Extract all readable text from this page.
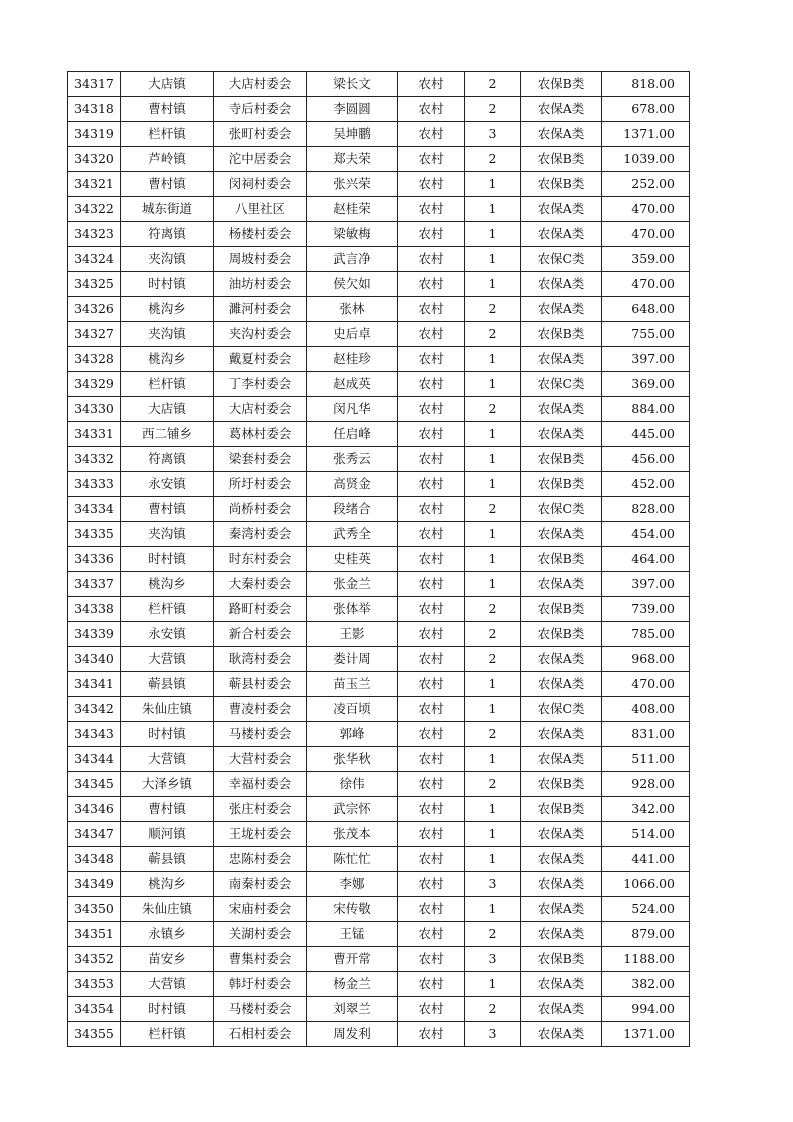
34317	大店镇	大店村委会	梁长文	农村	2	农保B类	818.00
34318	曹村镇	寺后村委会	李圆圆	农村	2	农保A类	678.00
34319	栏杆镇	张町村委会	吴坤鹏	农村	3	农保A类	1371.00
34320	芦岭镇	沱中居委会	郑夫荣	农村	2	农保B类	1039.00
34321	曹村镇	闵祠村委会	张兴荣	农村	1	农保B类	252.00
34322	城东街道	八里社区	赵桂荣	农村	1	农保A类	470.00
34323	符离镇	杨楼村委会	梁敏梅	农村	1	农保A类	470.00
34324	夹沟镇	周坡村委会	武言净	农村	1	农保C类	359.00
34325	时村镇	油坊村委会	侯欠如	农村	1	农保A类	470.00
34326	桃沟乡	濉河村委会	张林	农村	2	农保A类	648.00
34327	夹沟镇	夹沟村委会	史后卓	农村	2	农保B类	755.00
34328	桃沟乡	戴夏村委会	赵桂珍	农村	1	农保A类	397.00
34329	栏杆镇	丁李村委会	赵成英	农村	1	农保C类	369.00
34330	大店镇	大店村委会	闵凡华	农村	2	农保A类	884.00
34331	西二铺乡	葛林村委会	任启峰	农村	1	农保A类	445.00
34332	符离镇	梁套村委会	张秀云	农村	1	农保B类	456.00
34333	永安镇	所圩村委会	高贤金	农村	1	农保B类	452.00
34334	曹村镇	尚桥村委会	段绪合	农村	2	农保C类	828.00
34335	夹沟镇	秦湾村委会	武秀全	农村	1	农保A类	454.00
34336	时村镇	时东村委会	史桂英	农村	1	农保B类	464.00
34337	桃沟乡	大秦村委会	张金兰	农村	1	农保A类	397.00
34338	栏杆镇	路町村委会	张体举	农村	2	农保B类	739.00
34339	永安镇	新合村委会	王影	农村	2	农保B类	785.00
34340	大营镇	耿湾村委会	娄计周	农村	2	农保A类	968.00
34341	蕲县镇	蕲县村委会	苗玉兰	农村	1	农保A类	470.00
34342	朱仙庄镇	曹凌村委会	凌百顷	农村	1	农保C类	408.00
34343	时村镇	马楼村委会	郭峰	农村	2	农保A类	831.00
34344	大营镇	大营村委会	张华秋	农村	1	农保A类	511.00
34345	大泽乡镇	幸福村委会	徐伟	农村	2	农保B类	928.00
34346	曹村镇	张庄村委会	武宗怀	农村	1	农保B类	342.00
34347	顺河镇	王垅村委会	张茂本	农村	1	农保A类	514.00
34348	蕲县镇	忠陈村委会	陈忙忙	农村	1	农保A类	441.00
34349	桃沟乡	南秦村委会	李娜	农村	3	农保A类	1066.00
34350	朱仙庄镇	宋庙村委会	宋传敬	农村	1	农保A类	524.00
34351	永镇乡	关湖村委会	王锰	农村	2	农保A类	879.00
34352	苗安乡	曹集村委会	曹开常	农村	3	农保B类	1188.00
34353	大营镇	韩圩村委会	杨金兰	农村	1	农保A类	382.00
34354	时村镇	马楼村委会	刘翠兰	农村	2	农保A类	994.00
34355	栏杆镇	石相村委会	周发利	农村	3	农保A类	1371.00
